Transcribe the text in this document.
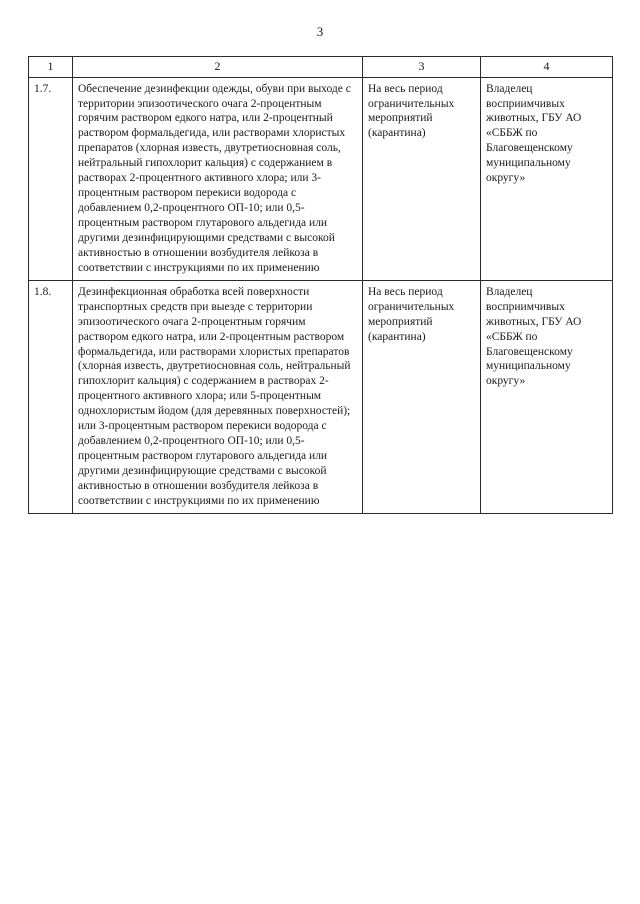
3
1	2	3	4
1.7.	Обеспечение дезинфекции одежды, обуви при выходе с территории эпизоотического очага 2-процентным горячим раствором едкого натра, или 2-процентный раствором формальдегида, или растворами хлористых препаратов (хлорная известь, двутретиосновная соль, нейтральный гипохлорит кальция) с содержанием в растворах 2-процентного активного хлора; или 3-процентным раствором перекиси водорода с добавлением 0,2-процентного ОП-10; или 0,5-процентным раствором глутарового альдегида или другими дезинфицирующими средствами с высокой активностью в отношении возбудителя лейкоза в соответствии с инструкциями по их применению	На весь период ограничительных мероприятий (карантина)	Владелец восприимчивых животных, ГБУ АО «СББЖ по Благовещенскому муниципальному округу»
1.8.	Дезинфекционная обработка всей поверхности транспортных средств при выезде с территории эпизоотического очага 2-процентным горячим раствором едкого натра, или 2-процентным раствором формальдегида, или растворами хлористых препаратов (хлорная известь, двутретиосновная соль, нейтральный гипохлорит кальция) с содержанием в растворах 2-процентного активного хлора; или 5-процентным однохлористым йодом (для деревянных поверхностей); или 3-процентным раствором перекиси водорода с добавлением 0,2-процентного ОП-10; или 0,5-процентным раствором глутарового альдегида или другими дезинфицирующие средствами с высокой активностью в отношении возбудителя лейкоза в соответствии с инструкциями по их применению	На весь период ограничительных мероприятий (карантина)	Владелец восприимчивых животных, ГБУ АО «СББЖ по Благовещенскому муниципальному округу»
